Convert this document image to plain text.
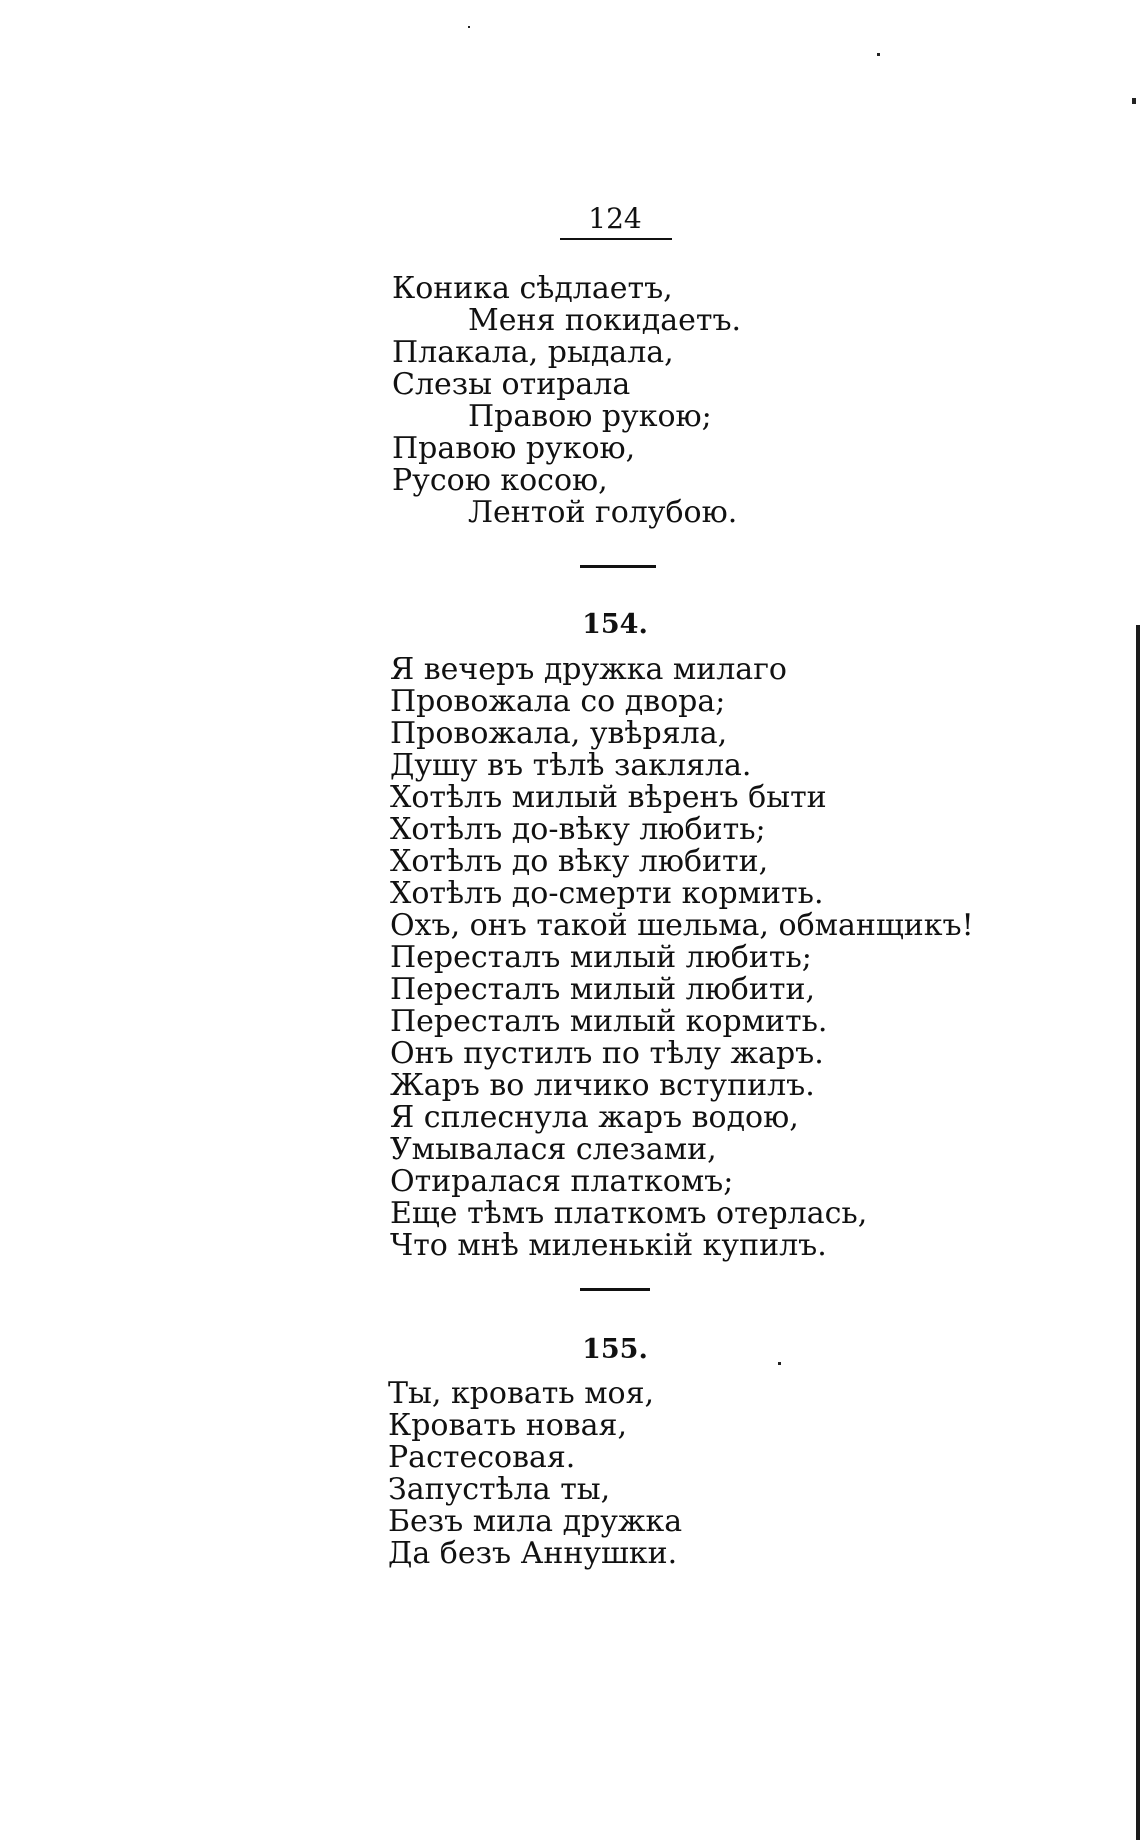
124
Коника сѣдлаетъ,
Меня покидаетъ.
Плакала, рыдала,
Слезы отирала
Правою рукою;
Правою рукою,
Русою косою,
Лентой голубою.
154.
Я вечеръ дружка милаго
Провожала со двора;
Провожала, увѣряла,
Душу въ тѣлѣ закляла.
Хотѣлъ милый вѣренъ быти
Хотѣлъ до-вѣку любить;
Хотѣлъ до вѣку любити,
Хотѣлъ до-смерти кормить.
Охъ, онъ такой шельма, обманщикъ!
Пересталъ милый любить;
Пересталъ милый любити,
Пересталъ милый кормить.
Онъ пустилъ по тѣлу жаръ.
Жаръ во личико вступилъ.
Я сплеснула жаръ водою,
Умывалася слезами,
Отиралася платкомъ;
Еще тѣмъ платкомъ отерлась,
Что мнѣ миленькій купилъ.
155.
Ты, кровать моя,
Кровать новая,
Растесовая.
Запустѣла ты,
Безъ мила дружка
Да безъ Аннушки.
